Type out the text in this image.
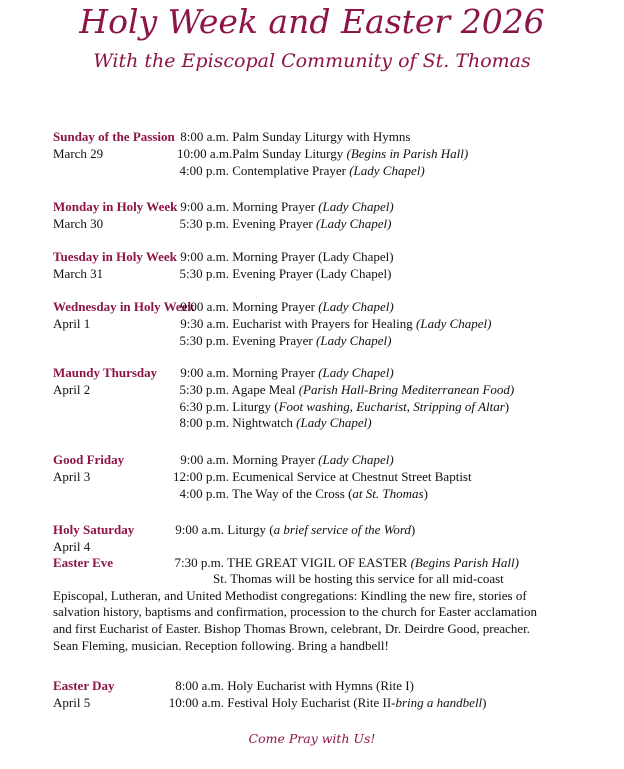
Holy Week and Easter 2026
With the Episcopal Community of St. Thomas
Sunday of the Passion
March 29
8:00 a.m. Palm Sunday Liturgy with Hymns
10:00 a.m. Palm Sunday Liturgy (Begins in Parish Hall)
4:00 p.m. Contemplative Prayer (Lady Chapel)
Monday in Holy Week
March 30
9:00 a.m. Morning Prayer (Lady Chapel)
5:30 p.m. Evening Prayer (Lady Chapel)
Tuesday in Holy Week
March 31
9:00 a.m. Morning Prayer (Lady Chapel)
5:30 p.m. Evening Prayer (Lady Chapel)
Wednesday in Holy Week
April 1
9:00 a.m. Morning Prayer (Lady Chapel)
9:30 a.m. Eucharist with Prayers for Healing (Lady Chapel)
5:30 p.m. Evening Prayer (Lady Chapel)
Maundy Thursday
April 2
9:00 a.m. Morning Prayer (Lady Chapel)
5:30 p.m. Agape Meal (Parish Hall-Bring Mediterranean Food)
6:30 p.m. Liturgy (Foot washing, Eucharist, Stripping of Altar)
8:00 p.m. Nightwatch (Lady Chapel)
Good Friday
April 3
9:00 a.m. Morning Prayer (Lady Chapel)
12:00 p.m. Ecumenical Service at Chestnut Street Baptist
4:00 p.m. The Way of the Cross (at St. Thomas)
Holy Saturday
April 4
9:00 a.m. Liturgy (a brief service of the Word)
Easter Eve	7:30 p.m. THE GREAT VIGIL OF EASTER (Begins Parish Hall)
St. Thomas will be hosting this service for all mid-coast Episcopal, Lutheran, and United Methodist congregations: Kindling the new fire, stories of salvation history, baptisms and confirmation, procession to the church for Easter acclamation and first Eucharist of Easter. Bishop Thomas Brown, celebrant, Dr. Deirdre Good, preacher. Sean Fleming, musician. Reception following. Bring a handbell!
Easter Day
April 5
8:00 a.m. Holy Eucharist with Hymns (Rite I)
10:00 a.m. Festival Holy Eucharist (Rite II-bring a handbell)
Come Pray with Us!
